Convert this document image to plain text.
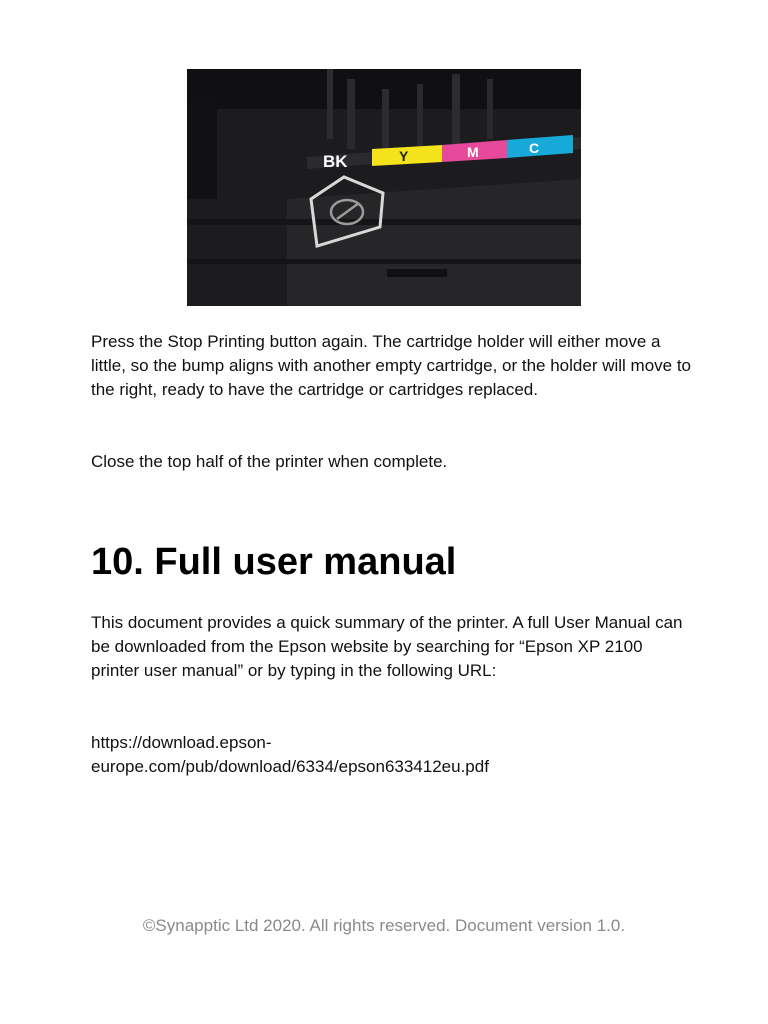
BK	Y	M	C

Press the Stop Printing button again. The cartridge holder will either move a little, so the bump aligns with another empty cartridge, or the holder will move to the right, ready to have the cartridge or cartridges replaced.

Close the top half of the printer when complete.

10. Full user manual

This document provides a quick summary of the printer. A full User Manual can be downloaded from the Epson website by searching for “Epson XP 2100 printer user manual” or by typing in the following URL:

https://download.epson-
europe.com/pub/download/6334/epson633412eu.pdf

©Synapptic Ltd 2020. All rights reserved. Document version 1.0.
